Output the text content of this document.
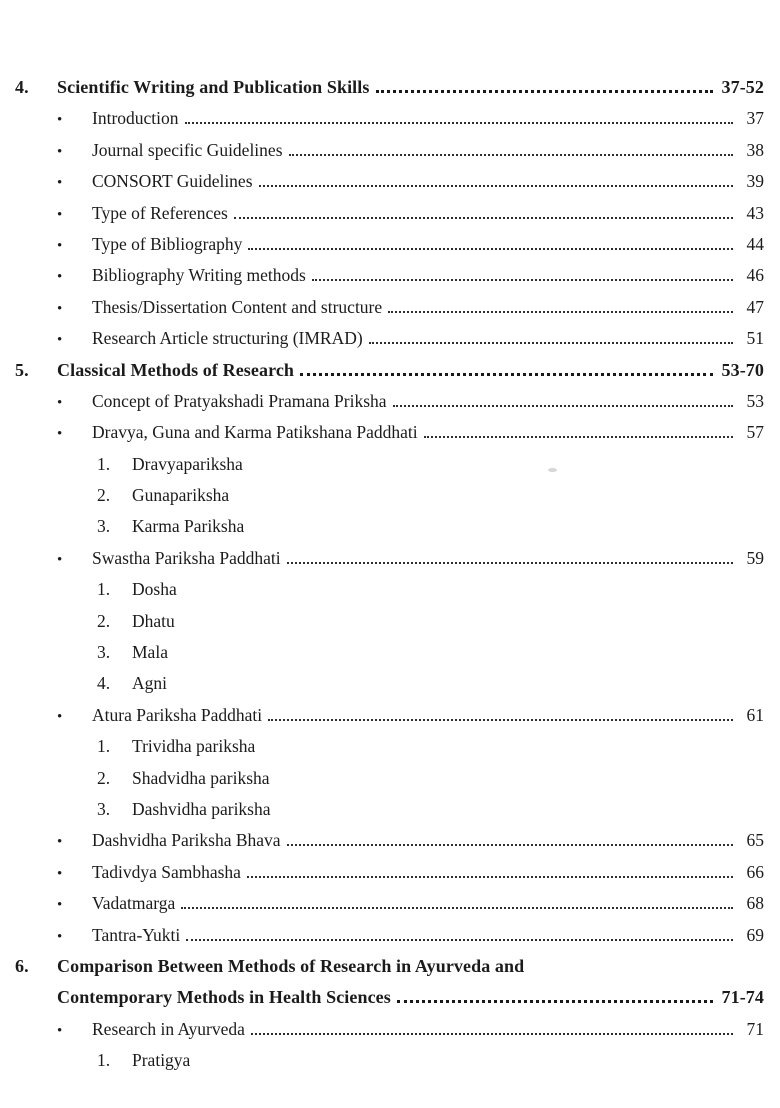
4.	Scientific Writing and Publication Skills	37-52
•	Introduction	37
•	Journal specific Guidelines	38
•	CONSORT Guidelines	39
•	Type of References	43
•	Type of Bibliography	44
•	Bibliography Writing methods	46
•	Thesis/Dissertation Content and structure	47
•	Research Article structuring (IMRAD)	51
5.	Classical Methods of Research	53-70
•	Concept of Pratyakshadi Pramana Priksha	53
•	Dravya, Guna and Karma Patikshana Paddhati	57
1.	Dravyapariksha
2.	Gunapariksha
3.	Karma Pariksha
•	Swastha Pariksha Paddhati	59
1.	Dosha
2.	Dhatu
3.	Mala
4.	Agni
•	Atura Pariksha Paddhati	61
1.	Trividha pariksha
2.	Shadvidha pariksha
3.	Dashvidha pariksha
•	Dashvidha Pariksha Bhava	65
•	Tadivdya Sambhasha	66
•	Vadatmarga	68
•	Tantra-Yukti	69
6.	Comparison Between Methods of Research in Ayurveda and
Contemporary Methods in Health Sciences	71-74
•	Research in Ayurveda	71
1.	Pratigya
